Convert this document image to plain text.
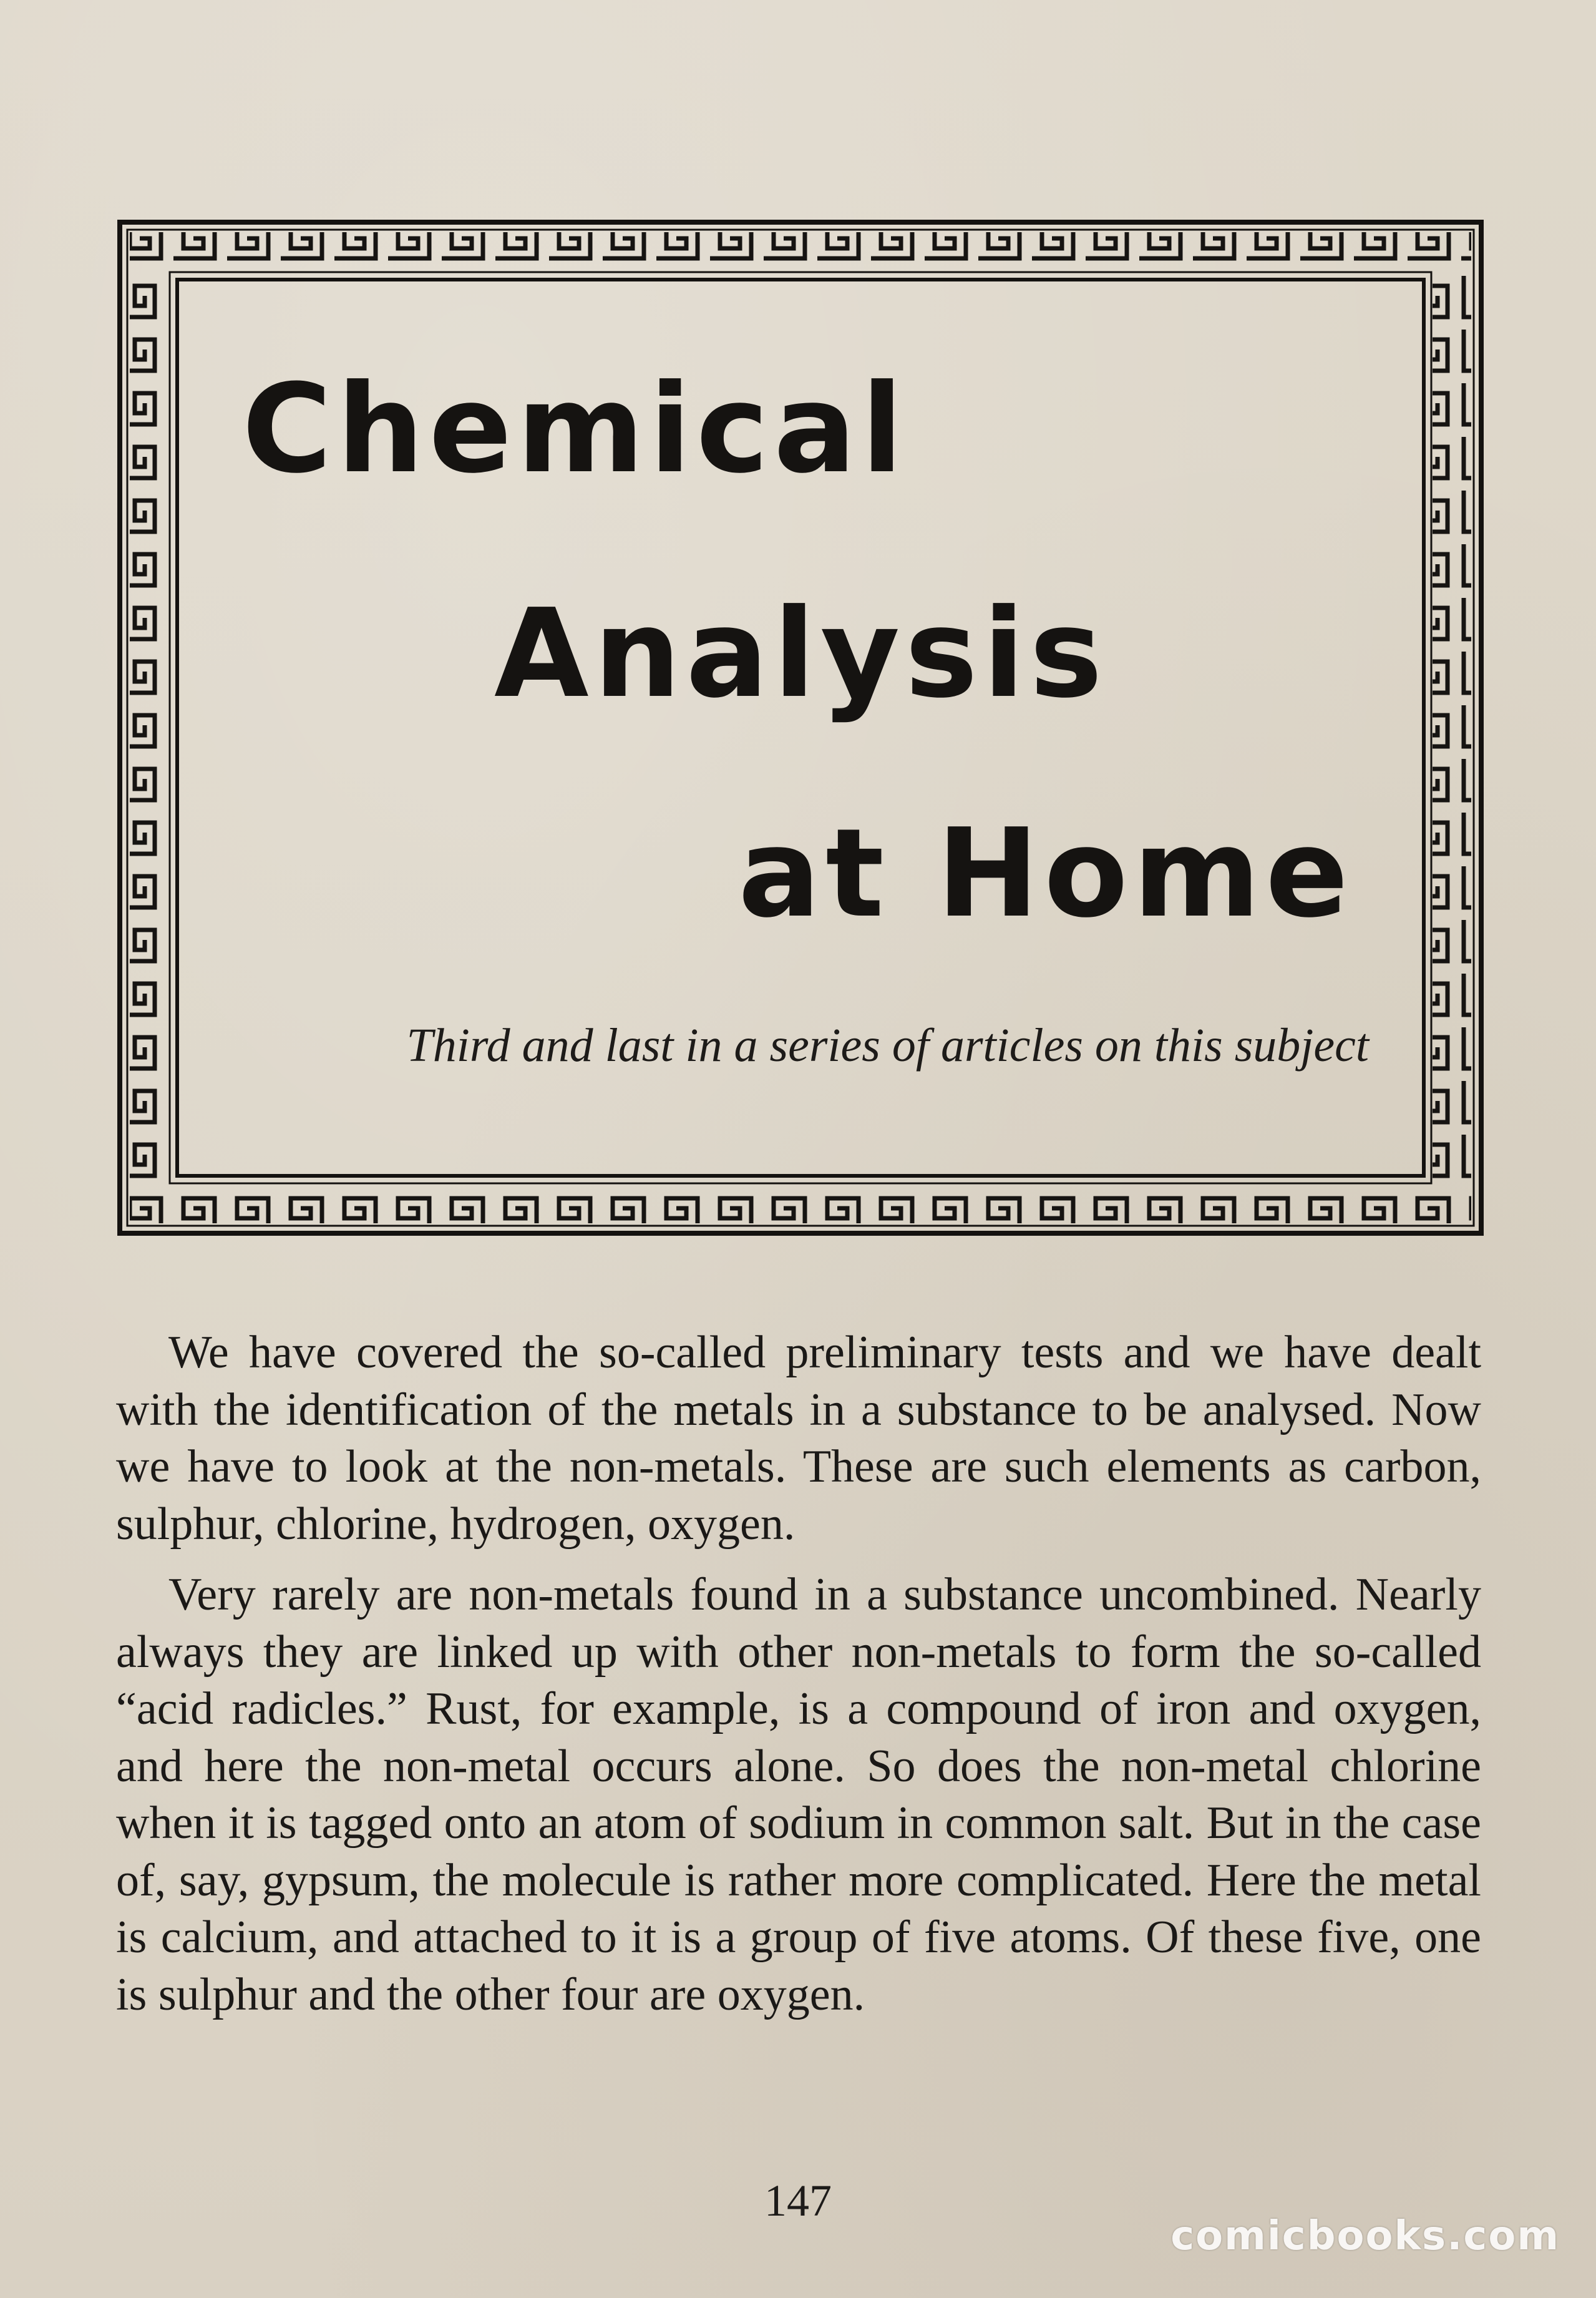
Chemical
Analysis
at Home
Third and last in a series of articles on this subject

We have covered the so-called preliminary tests and we have dealt with the identification of the metals in a substance to be analysed. Now we have to look at the non-metals. These are such elements as carbon, sulphur, chlorine, hydrogen, oxygen.

Very rarely are non-metals found in a substance uncombined. Nearly always they are linked up with other non-metals to form the so-called “acid radicles.” Rust, for example, is a compound of iron and oxygen, and here the non-metal occurs alone. So does the non-metal chlorine when it is tagged onto an atom of sodium in common salt. But in the case of, say, gypsum, the molecule is rather more complicated. Here the metal is calcium, and attached to it is a group of five atoms. Of these five, one is sulphur and the other four are oxygen.

147
comicbooks.com
